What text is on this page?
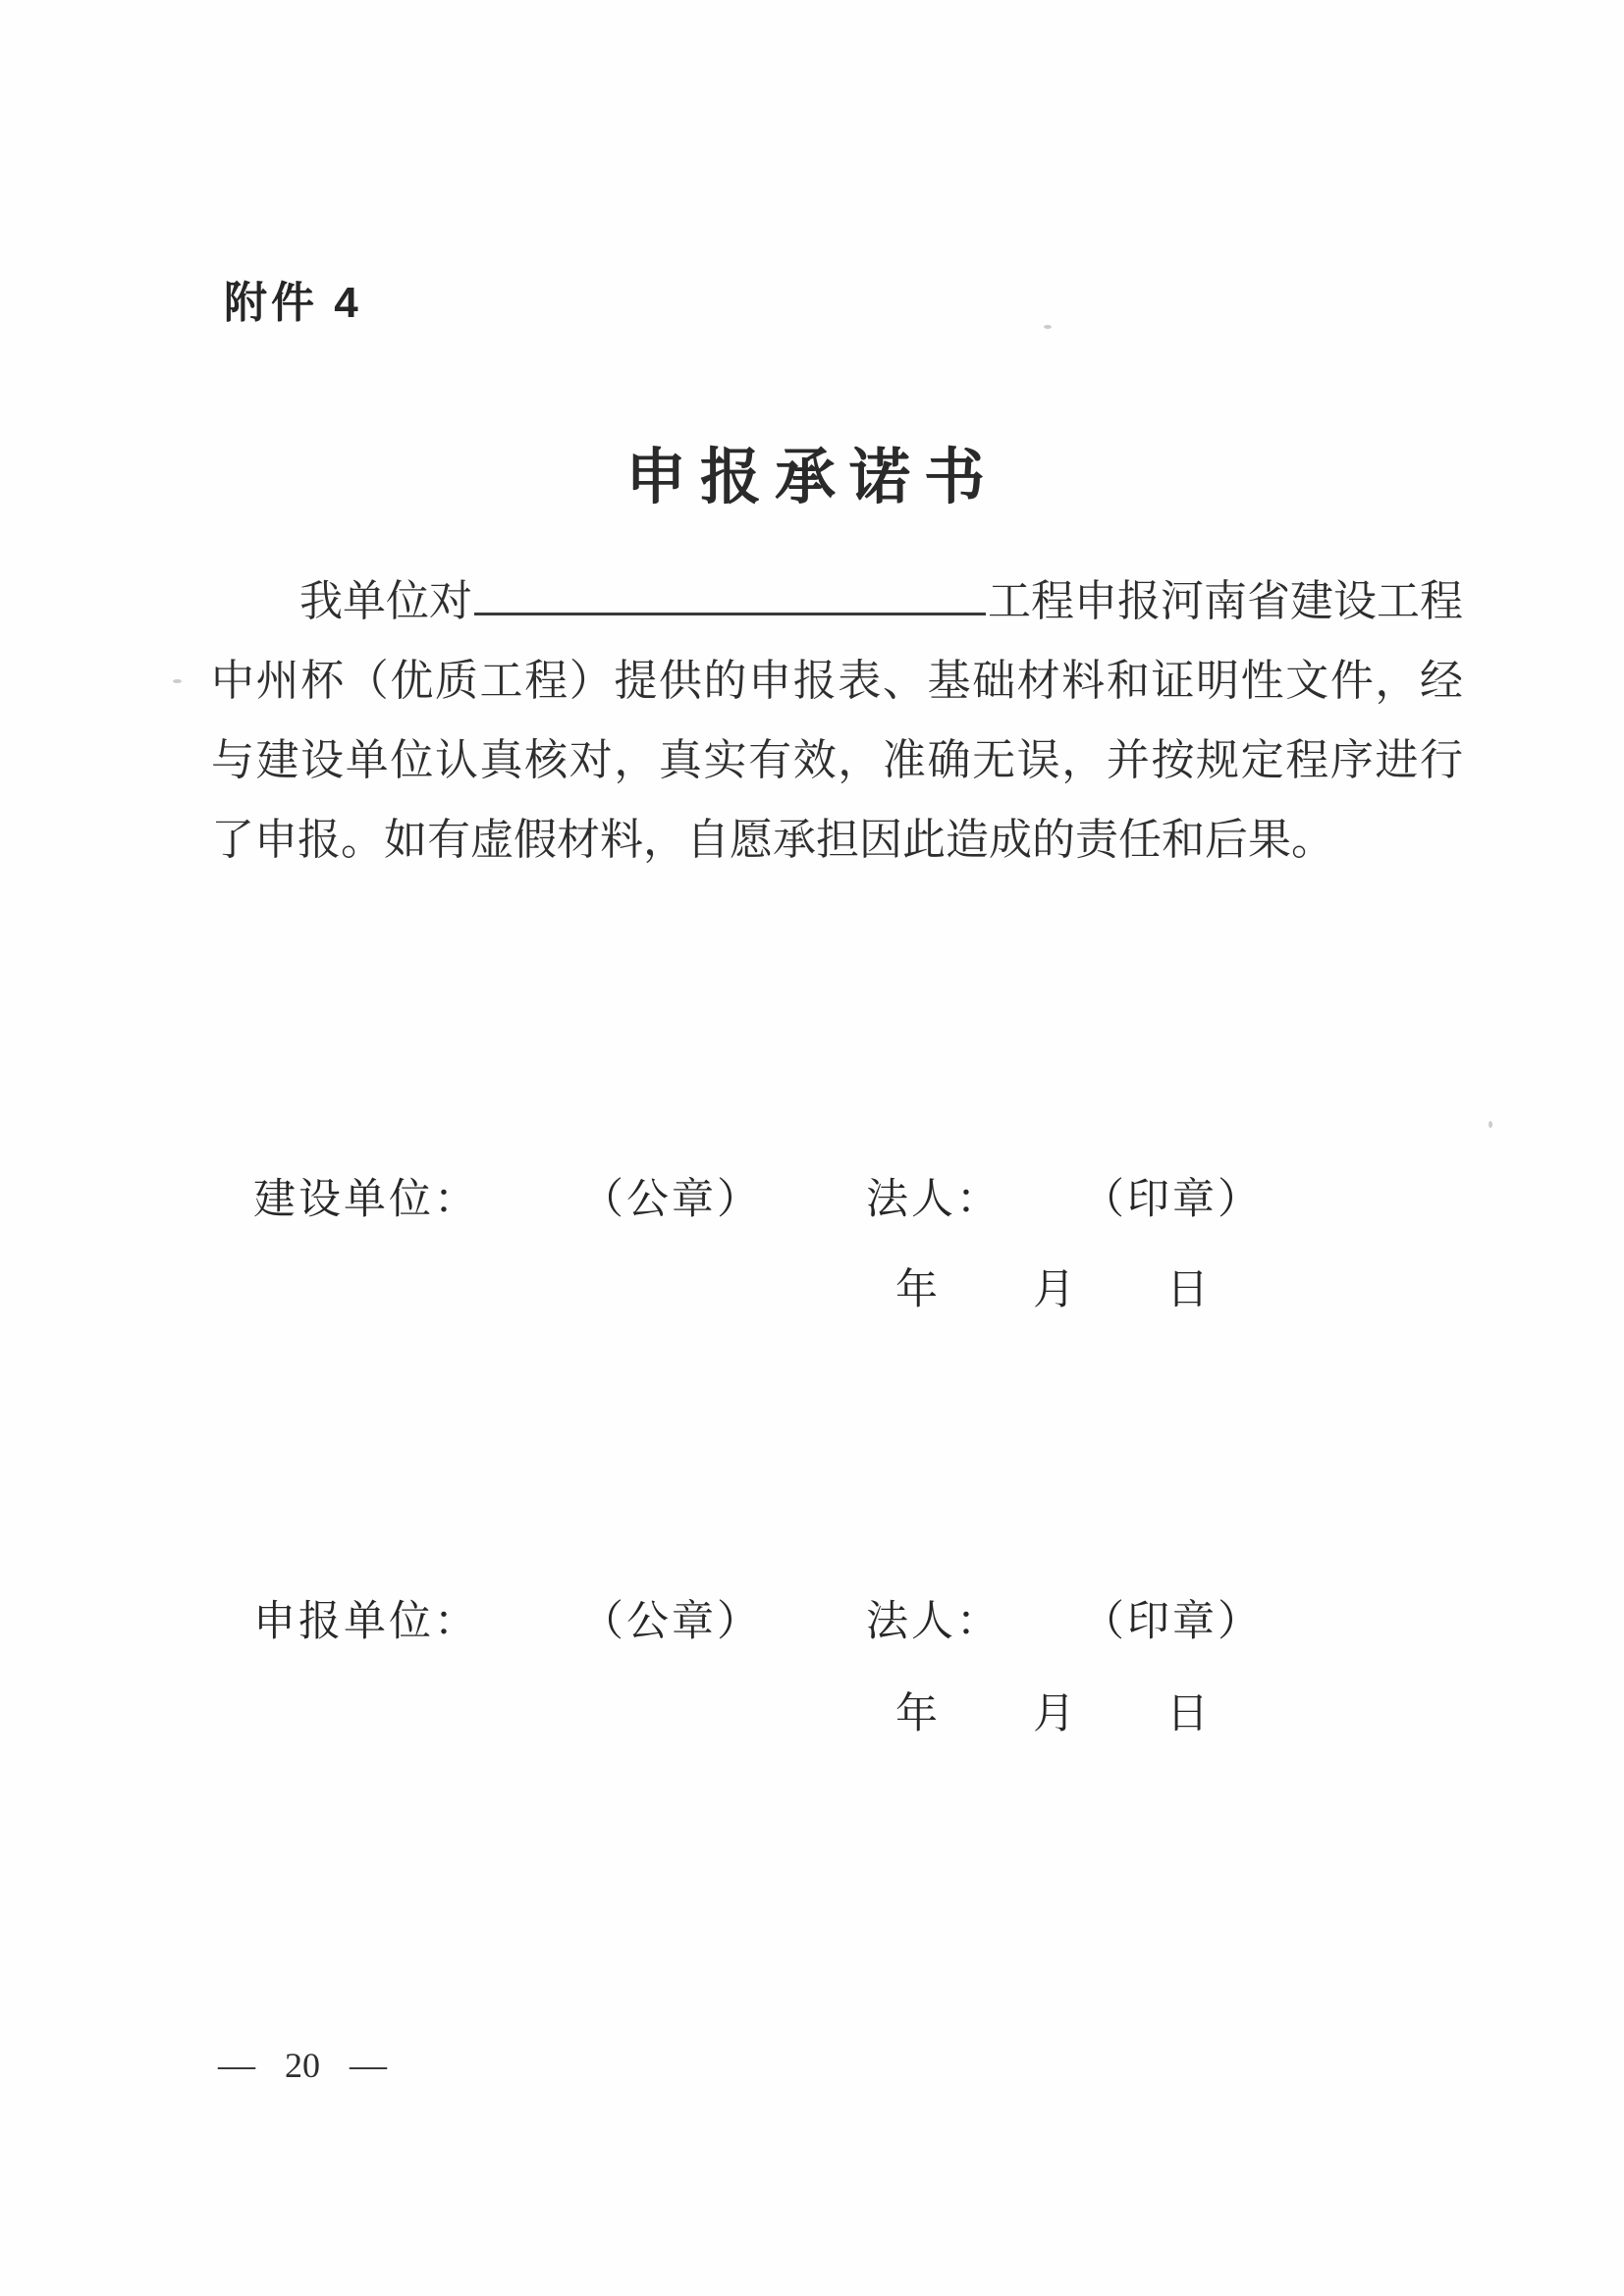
附件 4
申报承诺书
我单位对	工程申报河南省建设工程
中州杯（优质工程）提供的申报表、基础材料和证明性文件，经
与建设单位认真核对，真实有效，准确无误，并按规定程序进行
了申报。如有虚假材料，自愿承担因此造成的责任和后果。
建设单位： （公章） 法人： （印章）
年 月 日
申报单位： （公章） 法人： （印章）
年 月 日
— 20 —
